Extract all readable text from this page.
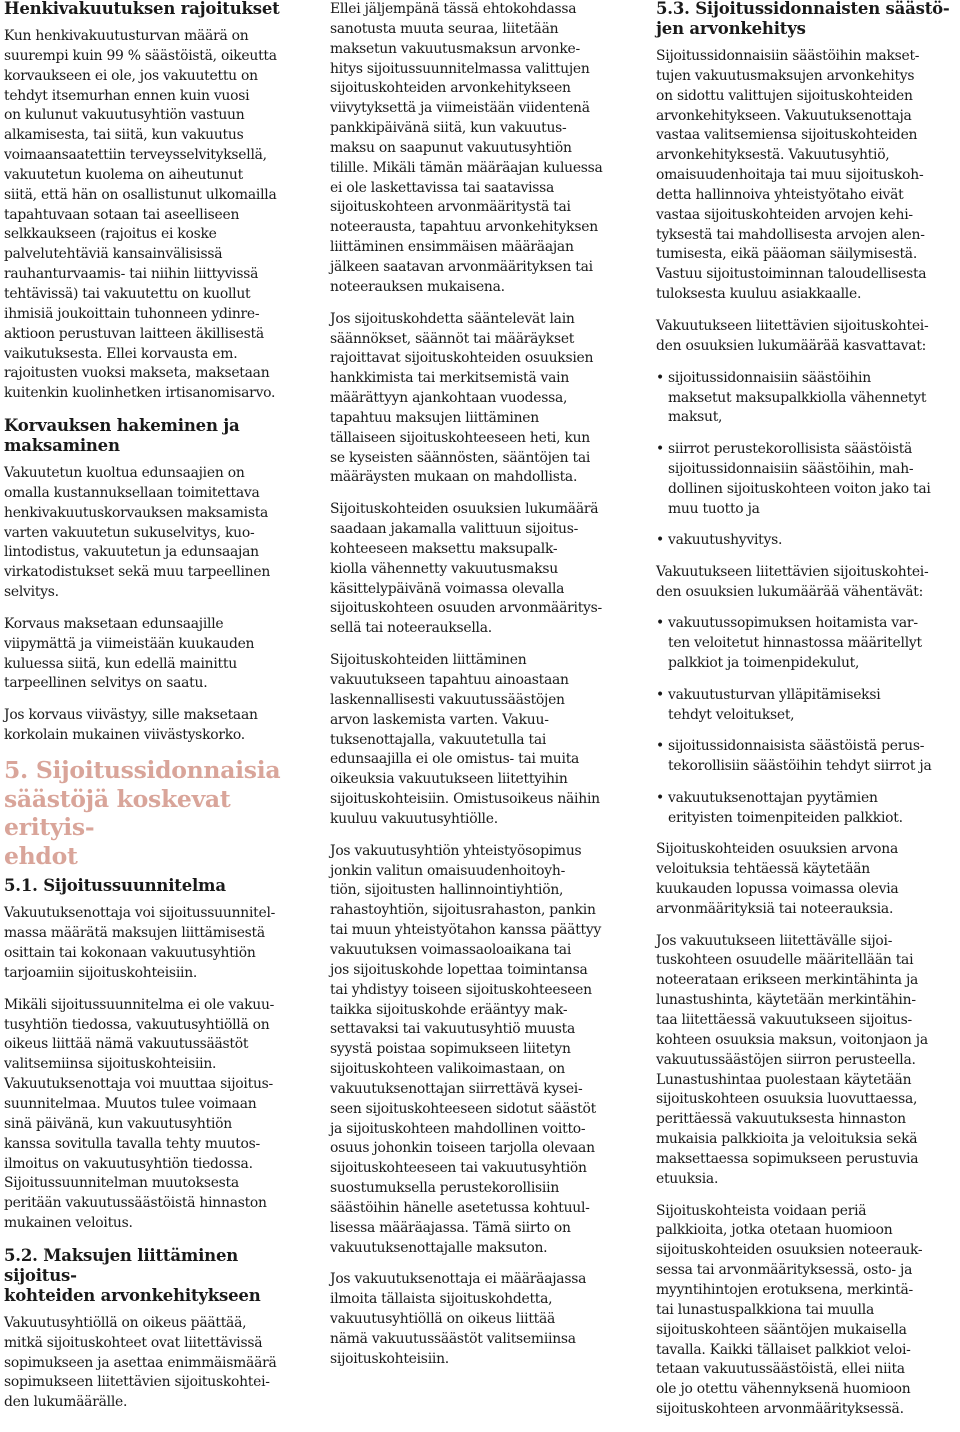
Henkivakuutuksen rajoitukset

Kun henkivakuutusturvan määrä on
suurempi kuin 99 % säästöistä, oikeutta
korvaukseen ei ole, jos vakuutettu on
tehdyt itsemurhan ennen kuin vuosi
on kulunut vakuutusyhtiön vastuun
alkamisesta, tai siitä, kun vakuutus
voimaansaatettiin terveysselvityksellä,
vakuutetun kuolema on aiheutunut
siitä, että hän on osallistunut ulkomailla
tapahtuvaan sotaan tai aseelliseen
selkkaukseen (rajoitus ei koske
palvelutehtäviä kansainvälisissä
rauhanturvaamis- tai niihin liittyvissä
tehtävissä) tai vakuutettu on kuollut
ihmisiä joukoittain tuhonneen ydinre-
aktioon perustuvan laitteen äkillisestä
vaikutuksesta. Ellei korvausta em.
rajoitusten vuoksi makseta, maksetaan
kuitenkin kuolinhetken irtisanomisarvo.

Korvauksen hakeminen ja
maksaminen

Vakuutetun kuoltua edunsaajien on
omalla kustannuksellaan toimitettava
henkivakuutuskorvauksen maksamista
varten vakuutetun sukuselvitys, kuo-
lintodistus, vakuutetun ja edunsaajan
virkatodistukset sekä muu tarpeellinen
selvitys.

Korvaus maksetaan edunsaajille
viipymättä ja viimeistään kuukauden
kuluessa siitä, kun edellä mainittu
tarpeellinen selvitys on saatu.

Jos korvaus viivästyy, sille maksetaan
korkolain mukainen viivästyskorko.

5. Sijoitussidonnaisia
säästöjä koskevat erityis-
ehdot
5.1. Sijoitussuunnitelma

Vakuutuksenottaja voi sijoitussuunnitel-
massa määrätä maksujen liittämisestä
osittain tai kokonaan vakuutusyhtiön
tarjoamiin sijoituskohteisiin.

Mikäli sijoitussuunnitelma ei ole vakuu-
tusyhtiön tiedossa, vakuutusyhtiöllä on
oikeus liittää nämä vakuutussäästöt
valitsemiinsa sijoituskohteisiin.
Vakuutuksenottaja voi muuttaa sijoitus-
suunnitelmaa. Muutos tulee voimaan
sinä päivänä, kun vakuutusyhtiön
kanssa sovitulla tavalla tehty muutos-
ilmoitus on vakuutusyhtiön tiedossa.
Sijoitussuunnitelman muutoksesta
peritään vakuutussäästöistä hinnaston
mukainen veloitus.

5.2. Maksujen liittäminen sijoitus-
kohteiden arvonkehitykseen

Vakuutusyhtiöllä on oikeus päättää,
mitkä sijoituskohteet ovat liitettävissä
sopimukseen ja asettaa enimmäismäärä
sopimukseen liitettävien sijoituskohtei-
den lukumäärälle.

Ellei jäljempänä tässä ehtokohdassa
sanotusta muuta seuraa, liitetään
maksetun vakuutusmaksun arvonke-
hitys sijoitussuunnitelmassa valittujen
sijoituskohteiden arvonkehitykseen
viivytyksettä ja viimeistään viidentenä
pankkipäivänä siitä, kun vakuutus-
maksu on saapunut vakuutusyhtiön
tilille. Mikäli tämän määräajan kuluessa
ei ole laskettavissa tai saatavissa
sijoituskohteen arvonmääritystä tai
noteerausta, tapahtuu arvonkehityksen
liittäminen ensimmäisen määräajan
jälkeen saatavan arvonmäärityksen tai
noteerauksen mukaisena.

Jos sijoituskohdetta sääntelevät lain
säännökset, säännöt tai määräykset
rajoittavat sijoituskohteiden osuuksien
hankkimista tai merkitsemistä vain
määrättyyn ajankohtaan vuodessa,
tapahtuu maksujen liittäminen
tällaiseen sijoituskohteeseen heti, kun
se kyseisten säännösten, sääntöjen tai
määräysten mukaan on mahdollista.

Sijoituskohteiden osuuksien lukumäärä
saadaan jakamalla valittuun sijoitus-
kohteeseen maksettu maksupalk-
kiolla vähennetty vakuutusmaksu
käsittelypäivänä voimassa olevalla
sijoituskohteen osuuden arvonmääritys-
sellä tai noteerauksella.

Sijoituskohteiden liittäminen
vakuutukseen tapahtuu ainoastaan
laskennallisesti vakuutussäästöjen
arvon laskemista varten. Vakuu-
tuksenottajalla, vakuutetulla tai
edunsaajilla ei ole omistus- tai muita
oikeuksia vakuutukseen liitettyihin
sijoituskohteisiin. Omistusoikeus näihin
kuuluu vakuutusyhtiölle.

Jos vakuutusyhtiön yhteistyösopimus
jonkin valitun omaisuudenhoitoyh-
tiön, sijoitusten hallinnointiyhtiön,
rahastoyhtiön, sijoitusrahaston, pankin
tai muun yhteistyötahon kanssa päättyy
vakuutuksen voimassaoloaikana tai
jos sijoituskohde lopettaa toimintansa
tai yhdistyy toiseen sijoituskohteeseen
taikka sijoituskohde erääntyy mak-
settavaksi tai vakuutusyhtiö muusta
syystä poistaa sopimukseen liitetyn
sijoituskohteen valikoimastaan, on
vakuutuksenottajan siirrettävä kysei-
seen sijoituskohteeseen sidotut säästöt
ja sijoituskohteen mahdollinen voitto-
osuus johonkin toiseen tarjolla olevaan
sijoituskohteeseen tai vakuutusyhtiön
suostumuksella perustekorollisiin
säästöihin hänelle asetetussa kohtuul-
lisessa määräajassa. Tämä siirto on
vakuutuksenottajalle maksuton.

Jos vakuutuksenottaja ei määräajassa
ilmoita tällaista sijoituskohdetta,
vakuutusyhtiöllä on oikeus liittää
nämä vakuutussäästöt valitsemiinsa
sijoituskohteisiin.

5.3. Sijoitussidonnaisten säästö-
jen arvonkehitys

Sijoitussidonnaisiin säästöihin makset-
tujen vakuutusmaksujen arvonkehitys
on sidottu valittujen sijoituskohteiden
arvonkehitykseen. Vakuutuksenottaja
vastaa valitsemiensa sijoituskohteiden
arvonkehityksestä. Vakuutusyhtiö,
omaisuudenhoitaja tai muu sijoituskoh-
detta hallinnoiva yhteistyötaho eivät
vastaa sijoituskohteiden arvojen kehi-
tyksestä tai mahdollisesta arvojen alen-
tumisesta, eikä pääoman säilymisestä.
Vastuu sijoitustoiminnan taloudellisesta
tuloksesta kuuluu asiakkaalle.

Vakuutukseen liitettävien sijoituskohtei-
den osuuksien lukumäärää kasvattavat:

• sijoitussidonnaisiin säästöihin
maksetut maksupalkkiolla vähennetyt
maksut,
• siirrot perustekorollisista säästöistä
sijoitussidonnaisiin säästöihin, mah-
dollinen sijoituskohteen voiton jako tai
muu tuotto ja
• vakuutushyvitys.

Vakuutukseen liitettävien sijoituskohtei-
den osuuksien lukumäärää vähentävät:

• vakuutussopimuksen hoitamista var-
ten veloitetut hinnastossa määritellyt
palkkiot ja toimenpidekulut,
• vakuutusturvan ylläpitämiseksi
tehdyt veloitukset,
• sijoitussidonnaisista säästöistä perus-
tekorollisiin säästöihin tehdyt siirrot ja
• vakuutuksenottajan pyytämien
erityisten toimenpiteiden palkkiot.

Sijoituskohteiden osuuksien arvona
veloituksia tehtäessä käytetään
kuukauden lopussa voimassa olevia
arvonmäärityksiä tai noteerauksia.

Jos vakuutukseen liitettävälle sijoi-
tuskohteen osuudelle määritellään tai
noteerataan erikseen merkintähinta ja
lunastushinta, käytetään merkintähin-
taa liitettäessä vakuutukseen sijoitus-
kohteen osuuksia maksun, voitonjaon ja
vakuutussäästöjen siirron perusteella.
Lunastushintaa puolestaan käytetään
sijoituskohteen osuuksia luovuttaessa,
perittäessä vakuutuksesta hinnaston
mukaisia palkkioita ja veloituksia sekä
maksettaessa sopimukseen perustuvia
etuuksia.

Sijoituskohteista voidaan periä
palkkioita, jotka otetaan huomioon
sijoituskohteiden osuuksien noteerauk-
sessa tai arvonmäärityksessä, osto- ja
myyntihintojen erotuksena, merkintä-
tai lunastuspalkkiona tai muulla
sijoituskohteen sääntöjen mukaisella
tavalla. Kaikki tällaiset palkkiot veloi-
tetaan vakuutussäästöistä, ellei niita
ole jo otettu vähennyksenä huomioon
sijoituskohteen arvonmäärityksessä.
